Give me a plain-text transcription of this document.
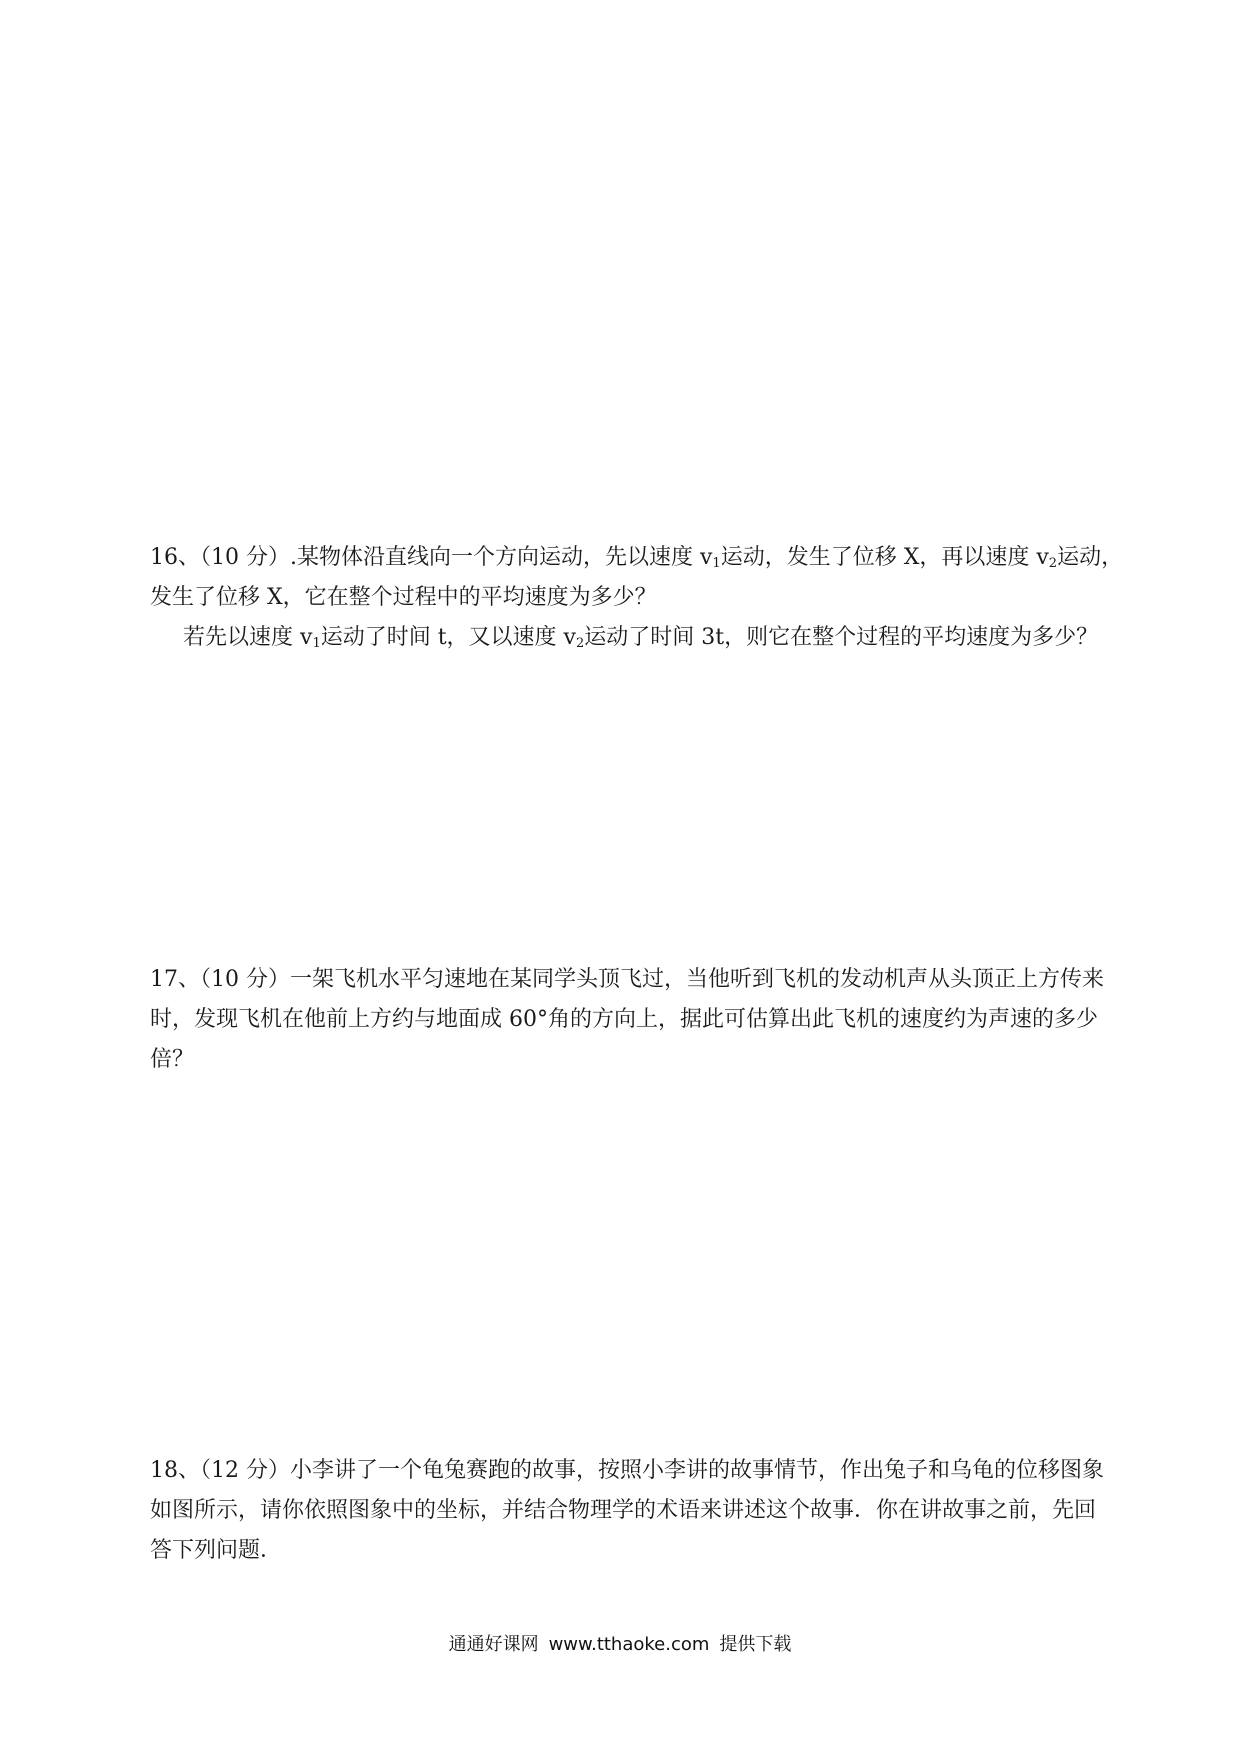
16、（10 分）.某物体沿直线向一个方向运动，先以速度 $v_1$运动，发生了位移 X，再以速度 $v_2$运动，

发生了位移 X，它在整个过程中的平均速度为多少？

若先以速度 $v_1$运动了时间 t，又以速度 $v_2$运动了时间 3t，则它在整个过程的平均速度为多少？

17、（10 分）一架飞机水平匀速地在某同学头顶飞过，当他听到飞机的发动机声从头顶正上方传来

时，发现飞机在他前上方约与地面成 60°角的方向上，据此可估算出此飞机的速度约为声速的多少

倍？

18、（12 分）小李讲了一个龟兔赛跑的故事，按照小李讲的故事情节，作出兔子和乌龟的位移图象

如图所示，请你依照图象中的坐标，并结合物理学的术语来讲述这个故事．你在讲故事之前，先回

答下列问题．

通通好课网 www.tthaoke.com 提供下载
